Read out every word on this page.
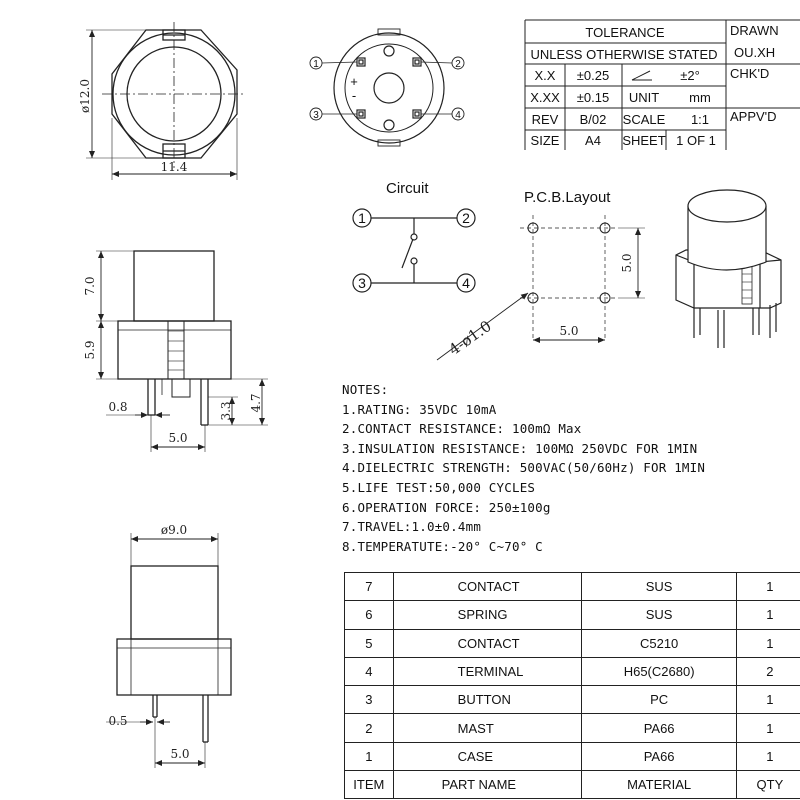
ø12.0
11.4
1	2
3	4
+
-
TOLERANCE
UNLESS OTHERWISE STATED
X.X ±0.25	±2°
X.XX ±0.15 UNIT mm
REV B/02 SCALE 1:1
SIZE A4 SHEET 1 OF 1
DRAWN
OU.XH
CHK'D
APPV'D
Circuit
1	2
3	4
P.C.B.Layout
5.0
5.0
4-ø1.0
7.0
5.9
0.8	3.3 4.7
5.0
ø9.0
0.5
5.0
NOTES:
1.RATING: 35VDC 10mA
2.CONTACT RESISTANCE: 100mΩ Max
3.INSULATION RESISTANCE: 100MΩ 250VDC FOR 1MIN
4.DIELECTRIC STRENGTH: 500VAC(50/60Hz) FOR 1MIN
5.LIFE TEST:50,000 CYCLES
6.OPERATION FORCE: 250±100g
7.TRAVEL:1.0±0.4mm
8.TEMPERATUTE:-20° C~70° C
7	CONTACT	SUS	1
6	SPRING	SUS	1
5	CONTACT	C5210	1
4	TERMINAL	H65(C2680)	2
3	BUTTON	PC	1
2	MAST	PA66	1
1	CASE	PA66	1
ITEM	PART NAME	MATERIAL	QTY
